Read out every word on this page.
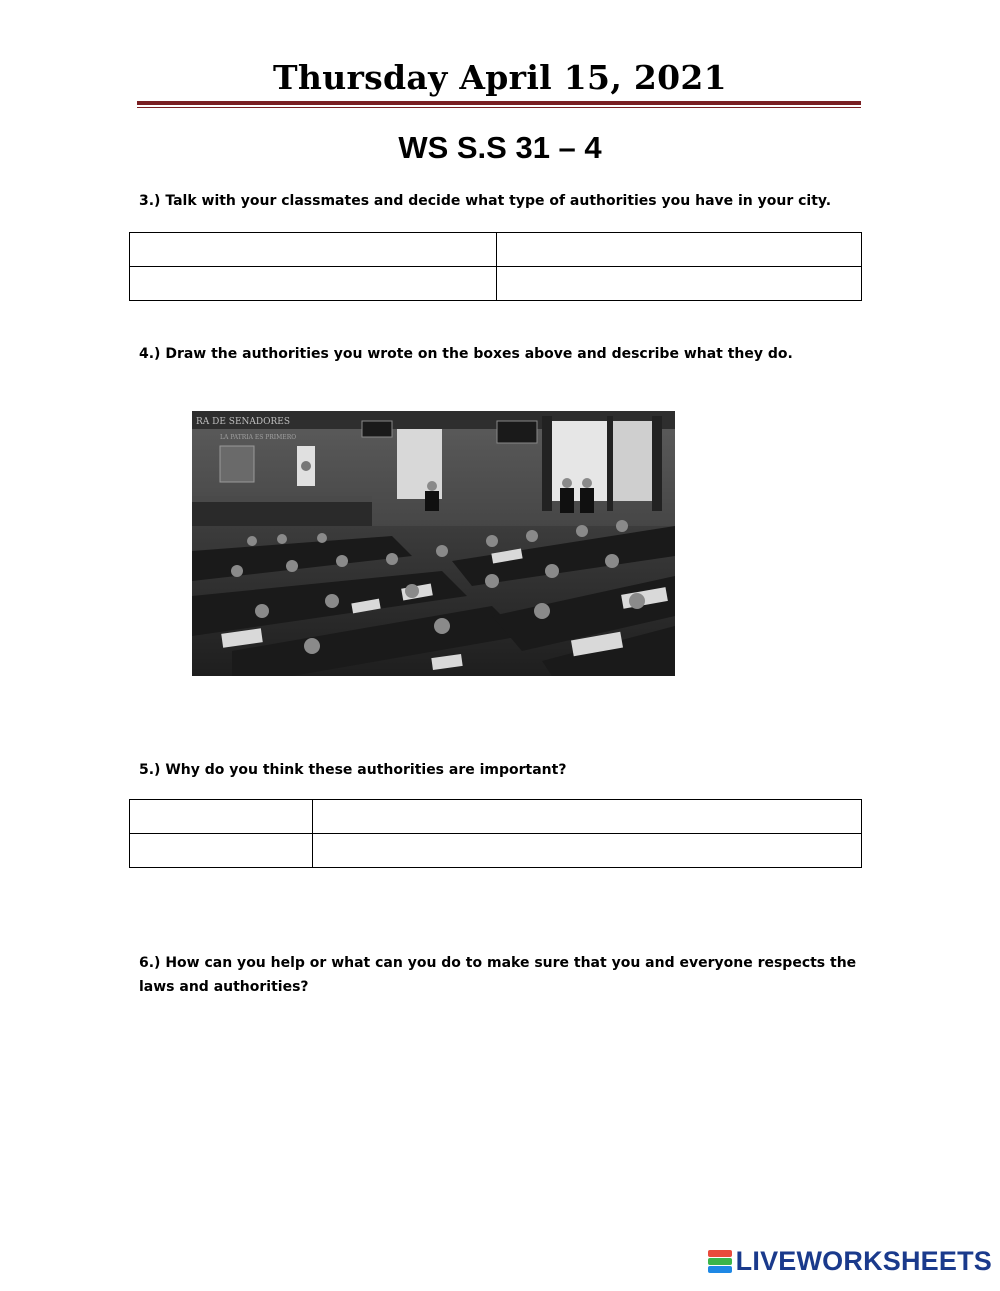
Thursday April 15, 2021
WS S.S 31 – 4
3.) Talk with your classmates and decide what type of authorities you have in your city.

4.) Draw the authorities you wrote on the boxes above and describe what they do.
RA DE SENADORES
LA PATRIA ES PRIMERO
5.) Why do you think these authorities are important?

6.) How can you help or what can you do to make sure that you and everyone respects the laws and authorities?
LIVEWORKSHEETS
